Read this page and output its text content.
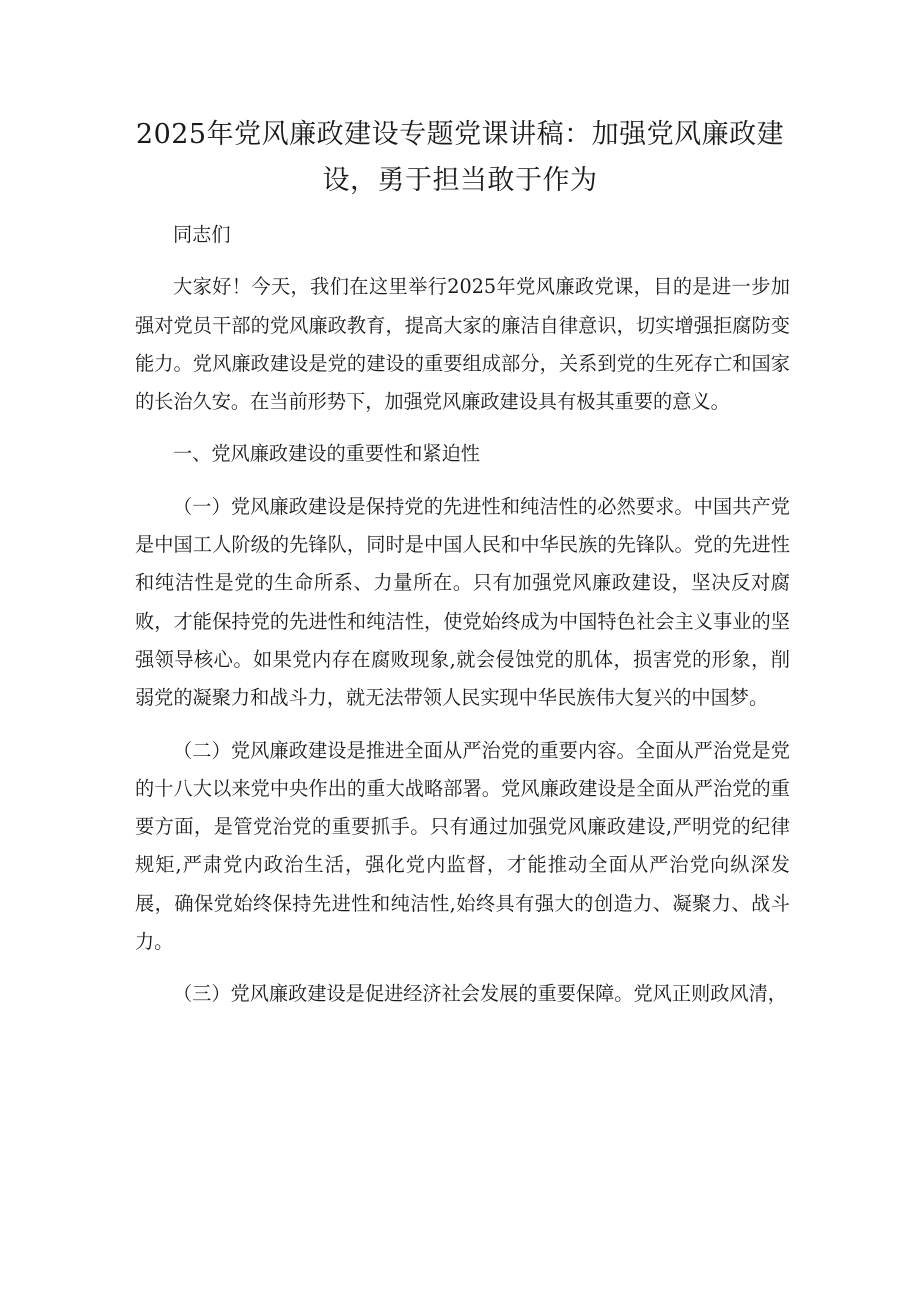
2025年党风廉政建设专题党课讲稿：加强党风廉政建设，勇于担当敢于作为

同志们

大家好！今天，我们在这里举行2025年党风廉政党课，目的是进一步加强对党员干部的党风廉政教育，提高大家的廉洁自律意识，切实增强拒腐防变能力。党风廉政建设是党的建设的重要组成部分，关系到党的生死存亡和国家的长治久安。在当前形势下，加强党风廉政建设具有极其重要的意义。

一、党风廉政建设的重要性和紧迫性

（一）党风廉政建设是保持党的先进性和纯洁性的必然要求。中国共产党是中国工人阶级的先锋队，同时是中国人民和中华民族的先锋队。党的先进性和纯洁性是党的生命所系、力量所在。只有加强党风廉政建设，坚决反对腐败，才能保持党的先进性和纯洁性，使党始终成为中国特色社会主义事业的坚强领导核心。如果党内存在腐败现象,就会侵蚀党的肌体，损害党的形象，削弱党的凝聚力和战斗力，就无法带领人民实现中华民族伟大复兴的中国梦。

（二）党风廉政建设是推进全面从严治党的重要内容。全面从严治党是党的十八大以来党中央作出的重大战略部署。党风廉政建设是全面从严治党的重要方面，是管党治党的重要抓手。只有通过加强党风廉政建设,严明党的纪律规矩,严肃党内政治生活，强化党内监督，才能推动全面从严治党向纵深发展，确保党始终保持先进性和纯洁性,始终具有强大的创造力、凝聚力、战斗力。

（三）党风廉政建设是促进经济社会发展的重要保障。党风正则政风清，
